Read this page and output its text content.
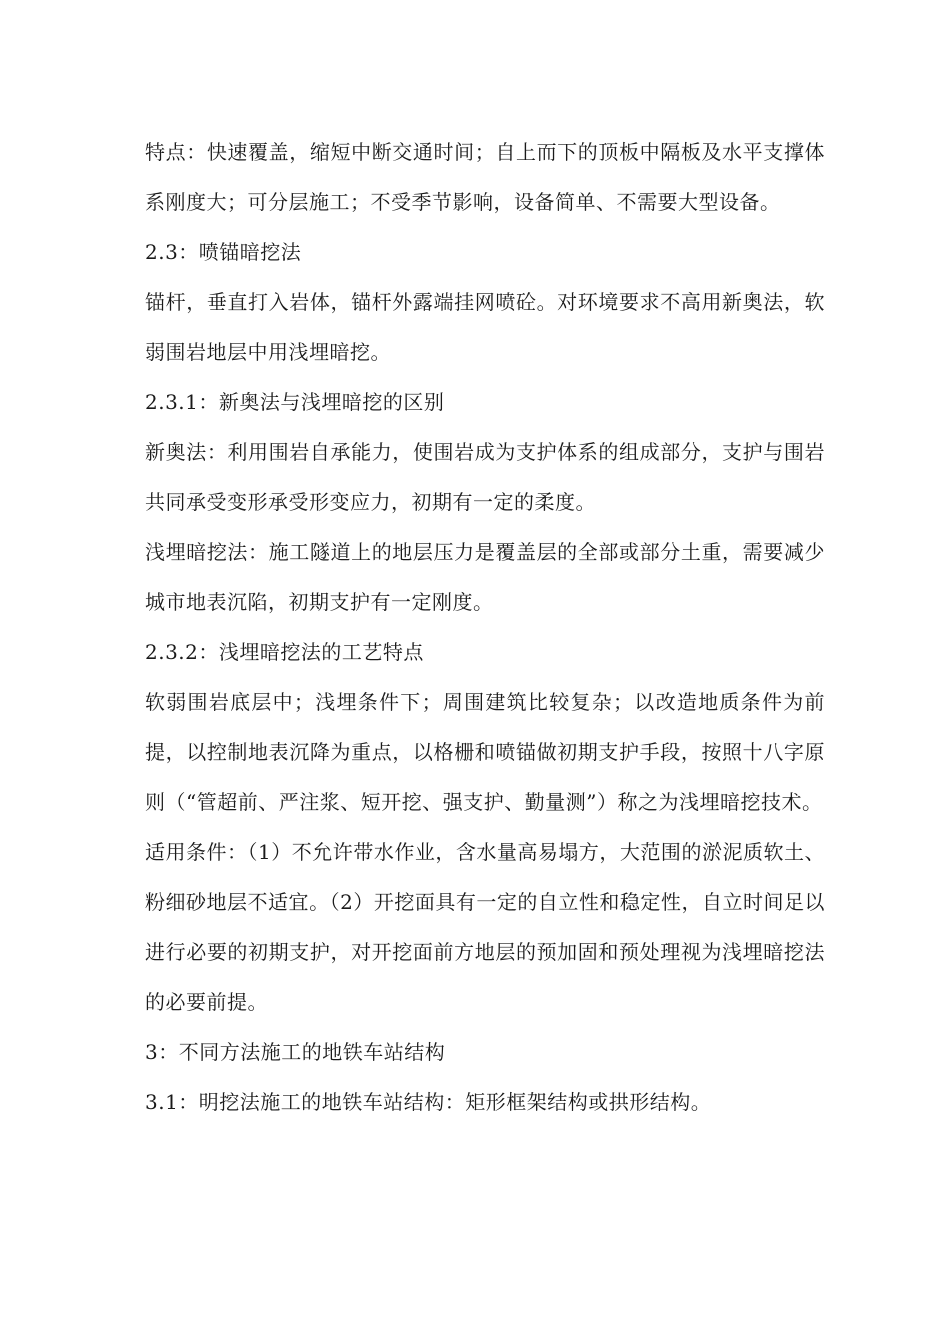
特点：快速覆盖，缩短中断交通时间；自上而下的顶板中隔板及水平支撑体系刚度大；可分层施工；不受季节影响，设备简单、不需要大型设备。

2.3：喷锚暗挖法

锚杆，垂直打入岩体，锚杆外露端挂网喷砼。对环境要求不高用新奥法，软弱围岩地层中用浅埋暗挖。

2.3.1：新奥法与浅埋暗挖的区别

新奥法：利用围岩自承能力，使围岩成为支护体系的组成部分，支护与围岩共同承受变形承受形变应力，初期有一定的柔度。

浅埋暗挖法：施工隧道上的地层压力是覆盖层的全部或部分土重，需要减少城市地表沉陷，初期支护有一定刚度。

2.3.2：浅埋暗挖法的工艺特点

软弱围岩底层中；浅埋条件下；周围建筑比较复杂；以改造地质条件为前提，以控制地表沉降为重点，以格栅和喷锚做初期支护手段，按照十八字原则（“管超前、严注浆、短开挖、强支护、勤量测”）称之为浅埋暗挖技术。

适用条件：（1）不允许带水作业，含水量高易塌方，大范围的淤泥质软土、粉细砂地层不适宜。（2）开挖面具有一定的自立性和稳定性，自立时间足以进行必要的初期支护，对开挖面前方地层的预加固和预处理视为浅埋暗挖法的必要前提。

3：不同方法施工的地铁车站结构

3.1：明挖法施工的地铁车站结构：矩形框架结构或拱形结构。
